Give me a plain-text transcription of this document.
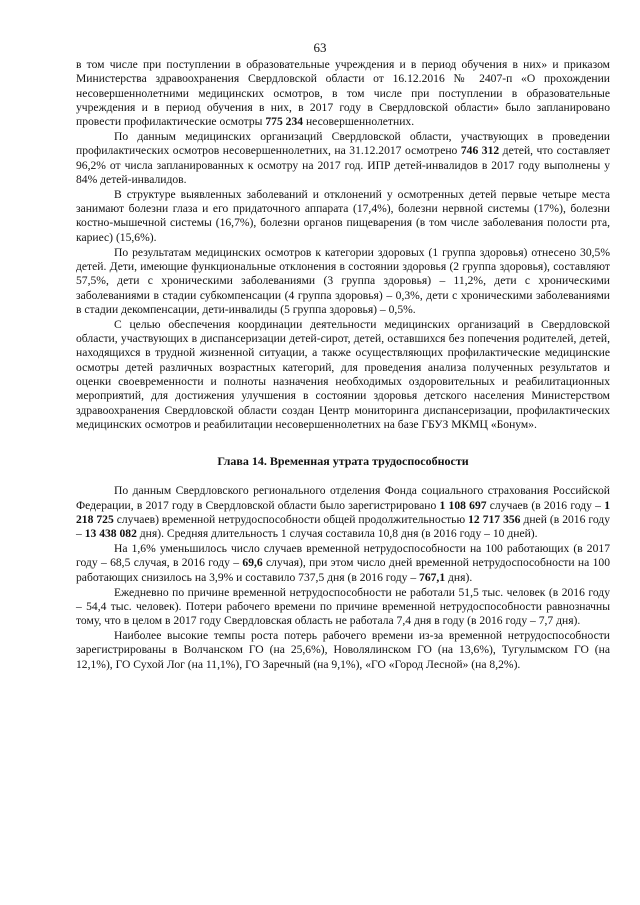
63

в том числе при поступлении в образовательные учреждения и в период обучения в них» и приказом Министерства здравоохранения Свердловской области от 16.12.2016 № 2407-п «О прохождении несовершеннолетними медицинских осмотров, в том числе при поступлении в образовательные учреждения и в период обучения в них, в 2017 году в Свердловской области» было запланировано провести профилактические осмотры 775 234 несовершеннолетних.

По данным медицинских организаций Свердловской области, участвующих в проведении профилактических осмотров несовершеннолетних, на 31.12.2017 осмотрено 746 312 детей, что составляет 96,2% от числа запланированных к осмотру на 2017 год. ИПР детей-инвалидов в 2017 году выполнены у 84% детей-инвалидов.

В структуре выявленных заболеваний и отклонений у осмотренных детей первые четыре места занимают болезни глаза и его придаточного аппарата (17,4%), болезни нервной системы (17%), болезни костно-мышечной системы (16,7%), болезни органов пищеварения (в том числе заболевания полости рта, кариес) (15,6%).

По результатам медицинских осмотров к категории здоровых (1 группа здоровья) отнесено 30,5% детей. Дети, имеющие функциональные отклонения в состоянии здоровья (2 группа здоровья), составляют 57,5%, дети с хроническими заболеваниями (3 группа здоровья) – 11,2%, дети с хроническими заболеваниями в стадии субкомпенсации (4 группа здоровья) – 0,3%, дети с хроническими заболеваниями в стадии декомпенсации, дети-инвалиды (5 группа здоровья) – 0,5%.

С целью обеспечения координации деятельности медицинских организаций в Свердловской области, участвующих в диспансеризации детей-сирот, детей, оставшихся без попечения родителей, детей, находящихся в трудной жизненной ситуации, а также осуществляющих профилактические медицинские осмотры детей различных возрастных категорий, для проведения анализа полученных результатов и оценки своевременности и полноты назначения необходимых оздоровительных и реабилитационных мероприятий, для достижения улучшения в состоянии здоровья детского населения Министерством здравоохранения Свердловской области создан Центр мониторинга диспансеризации, профилактических медицинских осмотров и реабилитации несовершеннолетних на базе ГБУЗ МКМЦ «Бонум».

Глава 14. Временная утрата трудоспособности

По данным Свердловского регионального отделения Фонда социального страхования Российской Федерации, в 2017 году в Свердловской области было зарегистрировано 1 108 697 случаев (в 2016 году – 1 218 725 случаев) временной нетрудоспособности общей продолжительностью 12 717 356 дней (в 2016 году – 13 438 082 дня). Средняя длительность 1 случая составила 10,8 дня (в 2016 году – 10 дней).

На 1,6% уменьшилось число случаев временной нетрудоспособности на 100 работающих (в 2017 году – 68,5 случая, в 2016 году – 69,6 случая), при этом число дней временной нетрудоспособности на 100 работающих снизилось на 3,9% и составило 737,5 дня (в 2016 году – 767,1 дня).

Ежедневно по причине временной нетрудоспособности не работали 51,5 тыс. человек (в 2016 году – 54,4 тыс. человек). Потери рабочего времени по причине временной нетрудоспособности равнозначны тому, что в целом в 2017 году Свердловская область не работала 7,4 дня в году (в 2016 году – 7,7 дня).

Наиболее высокие темпы роста потерь рабочего времени из-за временной нетрудоспособности зарегистрированы в Волчанском ГО (на 25,6%), Новолялинском ГО (на 13,6%), Тугулымском ГО (на 12,1%), ГО Сухой Лог (на 11,1%), ГО Заречный (на 9,1%), «ГО «Город Лесной» (на 8,2%).
